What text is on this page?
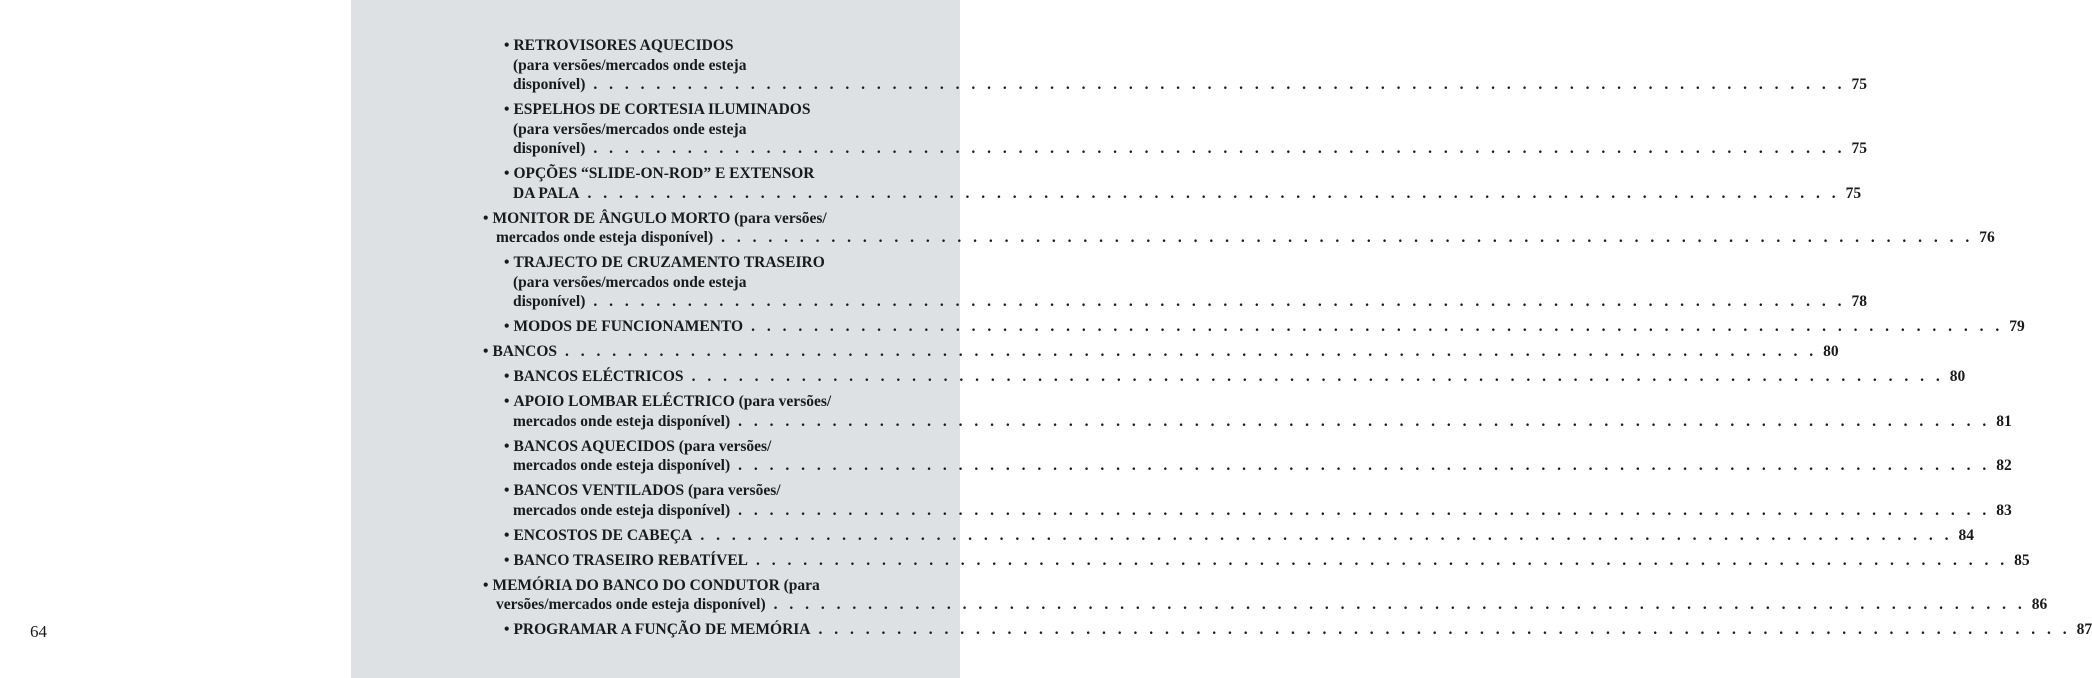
64
• RETROVISORES AQUECIDOS
(para versões/mercados onde esteja
disponível) . . . . . . . . . . . . . . . . . . . . . . . . . . . . . . . . . . . . . . . . . . . . . . . . . . . . . . . . . . . . . . . . . . . . . . . . . . . . . . . . 75
• ESPELHOS DE CORTESIA ILUMINADOS
(para versões/mercados onde esteja
disponível) . . . . . . . . . . . . . . . . . . . . . . . . . . . . . . . . . . . . . . . . . . . . . . . . . . . . . . . . . . . . . . . . . . . . . . . . . . . . . . . . 75
• OPÇÕES “SLIDE-ON-ROD” E EXTENSOR
DA PALA . . . . . . . . . . . . . . . . . . . . . . . . . . . . . . . . . . . . . . . . . . . . . . . . . . . . . . . . . . . . . . . . . . . . . . . . . . . . . . . . 75
• MONITOR DE ÂNGULO MORTO (para versões/
mercados onde esteja disponível) . . . . . . . . . . . . . . . . . . . . . . . . . . . . . . . . . . . . . . . . . . . . . . . . . . . . . . . . . . . . . . . . . . . . . . . . . . . . . . . . 76
• TRAJECTO DE CRUZAMENTO TRASEIRO
(para versões/mercados onde esteja
disponível) . . . . . . . . . . . . . . . . . . . . . . . . . . . . . . . . . . . . . . . . . . . . . . . . . . . . . . . . . . . . . . . . . . . . . . . . . . . . . . . . 78
• MODOS DE FUNCIONAMENTO . . . . . . . . . . . . . . . . . . . . . . . . . . . . . . . . . . . . . . . . . . . . . . . . . . . . . . . . . . . . . . . . . . . . . . . . . . . . . . . . 79
• BANCOS . . . . . . . . . . . . . . . . . . . . . . . . . . . . . . . . . . . . . . . . . . . . . . . . . . . . . . . . . . . . . . . . . . . . . . . . . . . . . . . . 80
• BANCOS ELÉCTRICOS . . . . . . . . . . . . . . . . . . . . . . . . . . . . . . . . . . . . . . . . . . . . . . . . . . . . . . . . . . . . . . . . . . . . . . . . . . . . . . . . 80
• APOIO LOMBAR ELÉCTRICO (para versões/
mercados onde esteja disponível) . . . . . . . . . . . . . . . . . . . . . . . . . . . . . . . . . . . . . . . . . . . . . . . . . . . . . . . . . . . . . . . . . . . . . . . . . . . . . . . . 81
• BANCOS AQUECIDOS (para versões/
mercados onde esteja disponível) . . . . . . . . . . . . . . . . . . . . . . . . . . . . . . . . . . . . . . . . . . . . . . . . . . . . . . . . . . . . . . . . . . . . . . . . . . . . . . . . 82
• BANCOS VENTILADOS (para versões/
mercados onde esteja disponível) . . . . . . . . . . . . . . . . . . . . . . . . . . . . . . . . . . . . . . . . . . . . . . . . . . . . . . . . . . . . . . . . . . . . . . . . . . . . . . . . 83
• ENCOSTOS DE CABEÇA . . . . . . . . . . . . . . . . . . . . . . . . . . . . . . . . . . . . . . . . . . . . . . . . . . . . . . . . . . . . . . . . . . . . . . . . . . . . . . . . 84
• BANCO TRASEIRO REBATÍVEL . . . . . . . . . . . . . . . . . . . . . . . . . . . . . . . . . . . . . . . . . . . . . . . . . . . . . . . . . . . . . . . . . . . . . . . . . . . . . . . . 85
• MEMÓRIA DO BANCO DO CONDUTOR (para
versões/mercados onde esteja disponível) . . . . . . . . . . . . . . . . . . . . . . . . . . . . . . . . . . . . . . . . . . . . . . . . . . . . . . . . . . . . . . . . . . . . . . . . . . . . . . . . 86
• PROGRAMAR A FUNÇÃO DE MEMÓRIA . . . . . . . . . . . . . . . . . . . . . . . . . . . . . . . . . . . . . . . . . . . . . . . . . . . . . . . . . . . . . . . . . . . . . . . . . . . . . . . . 87
